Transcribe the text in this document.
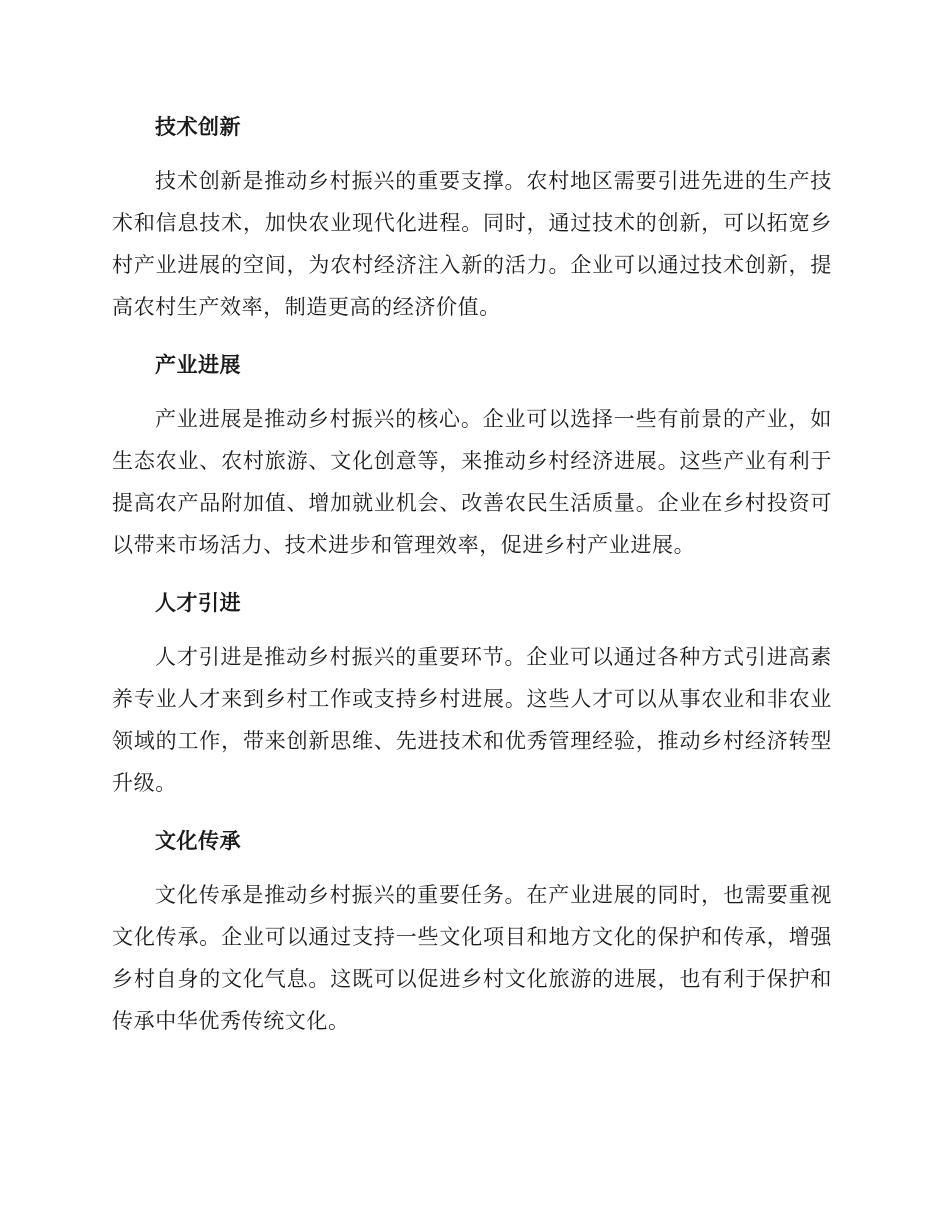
技术创新

技术创新是推动乡村振兴的重要支撑。农村地区需要引进先进的生产技术和信息技术，加快农业现代化进程。同时，通过技术的创新，可以拓宽乡村产业进展的空间，为农村经济注入新的活力。企业可以通过技术创新，提高农村生产效率，制造更高的经济价值。

产业进展

产业进展是推动乡村振兴的核心。企业可以选择一些有前景的产业，如生态农业、农村旅游、文化创意等，来推动乡村经济进展。这些产业有利于提高农产品附加值、增加就业机会、改善农民生活质量。企业在乡村投资可以带来市场活力、技术进步和管理效率，促进乡村产业进展。

人才引进

人才引进是推动乡村振兴的重要环节。企业可以通过各种方式引进高素养专业人才来到乡村工作或支持乡村进展。这些人才可以从事农业和非农业领域的工作，带来创新思维、先进技术和优秀管理经验，推动乡村经济转型升级。

文化传承

文化传承是推动乡村振兴的重要任务。在产业进展的同时，也需要重视文化传承。企业可以通过支持一些文化项目和地方文化的保护和传承，增强乡村自身的文化气息。这既可以促进乡村文化旅游的进展，也有利于保护和传承中华优秀传统文化。
